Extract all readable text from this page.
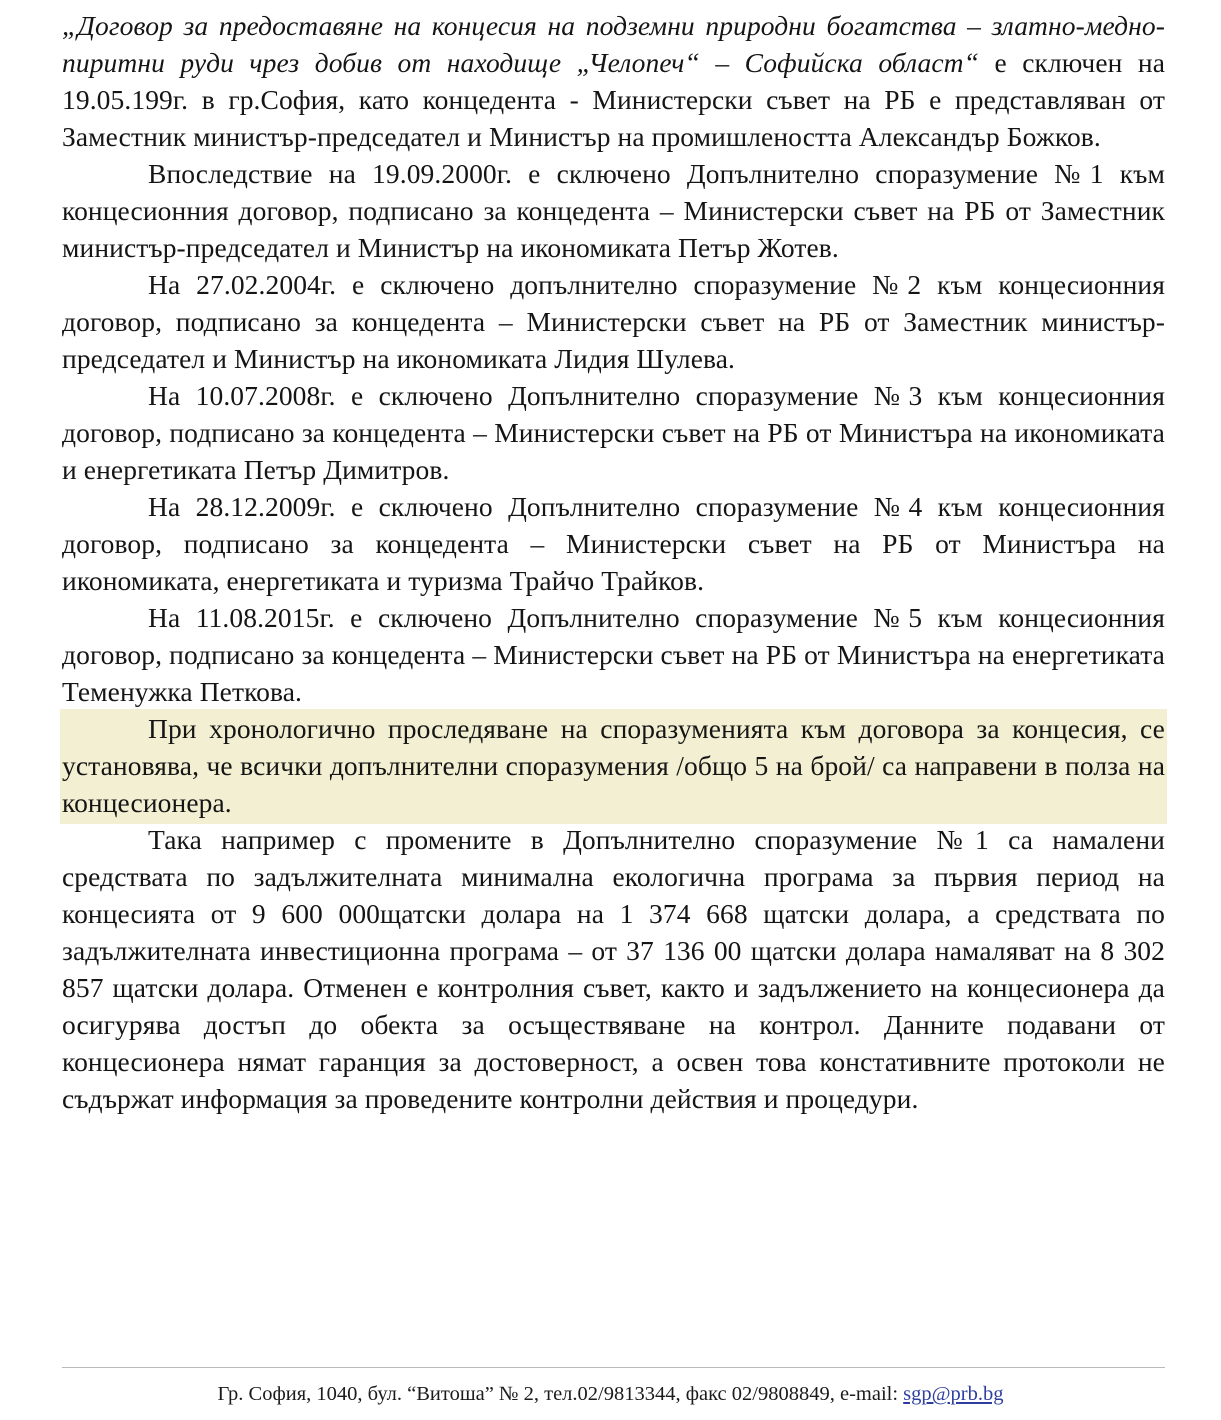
„Договор за предоставяне на концесия на подземни природни богатства – златно-медно-пиритни руди чрез добив от находище „Челопеч“ – Софийска област“ е сключен на 19.05.199г. в гр.София, като концедента - Министерски съвет на РБ е представляван от Заместник министър-председател и Министър на промишлеността Александър Божков.

Впоследствие на 19.09.2000г. е сключено Допълнително споразумение №1 към концесионния договор, подписано за концедента – Министерски съвет на РБ от Заместник министър-председател и Министър на икономиката Петър Жотев.

На 27.02.2004г. е сключено допълнително споразумение №2 към концесионния договор, подписано за концедента – Министерски съвет на РБ от Заместник министър-председател и Министър на икономиката Лидия Шулева.

На 10.07.2008г. е сключено Допълнително споразумение №3 към концесионния договор, подписано за концедента – Министерски съвет на РБ от Министъра на икономиката и енергетиката Петър Димитров.

На 28.12.2009г. е сключено Допълнително споразумение №4 към концесионния договор, подписано за концедента – Министерски съвет на РБ от Министъра на икономиката, енергетиката и туризма Трайчо Трайков.

На 11.08.2015г. е сключено Допълнително споразумение №5 към концесионния договор, подписано за концедента – Министерски съвет на РБ от Министъра на енергетиката Теменужка Петкова.

При хронологично проследяване на споразуменията към договора за концесия, се установява, че всички допълнителни споразумения /общо 5 на брой/ са направени в полза на концесионера.

Така например с промените в Допълнително споразумение №1 са намалени средствата по задължителната минимална екологична програма за първия период на концесията от 9 600 000щатски долара на 1 374 668 щатски долара, а средствата по задължителната инвестиционна програма – от 37 136 00 щатски долара намаляват на 8 302 857 щатски долара. Отменен е контролния съвет, както и задължението на концесионера да осигурява достъп до обекта за осъществяване на контрол. Данните подавани от концесионера нямат гаранция за достоверност, а освен това констативните протоколи не съдържат информация за проведените контролни действия и процедури.

Гр. София, 1040, бул. “Витоша” № 2, тел.02/9813344, факс 02/9808849, e-mail: sgp@prb.bg
